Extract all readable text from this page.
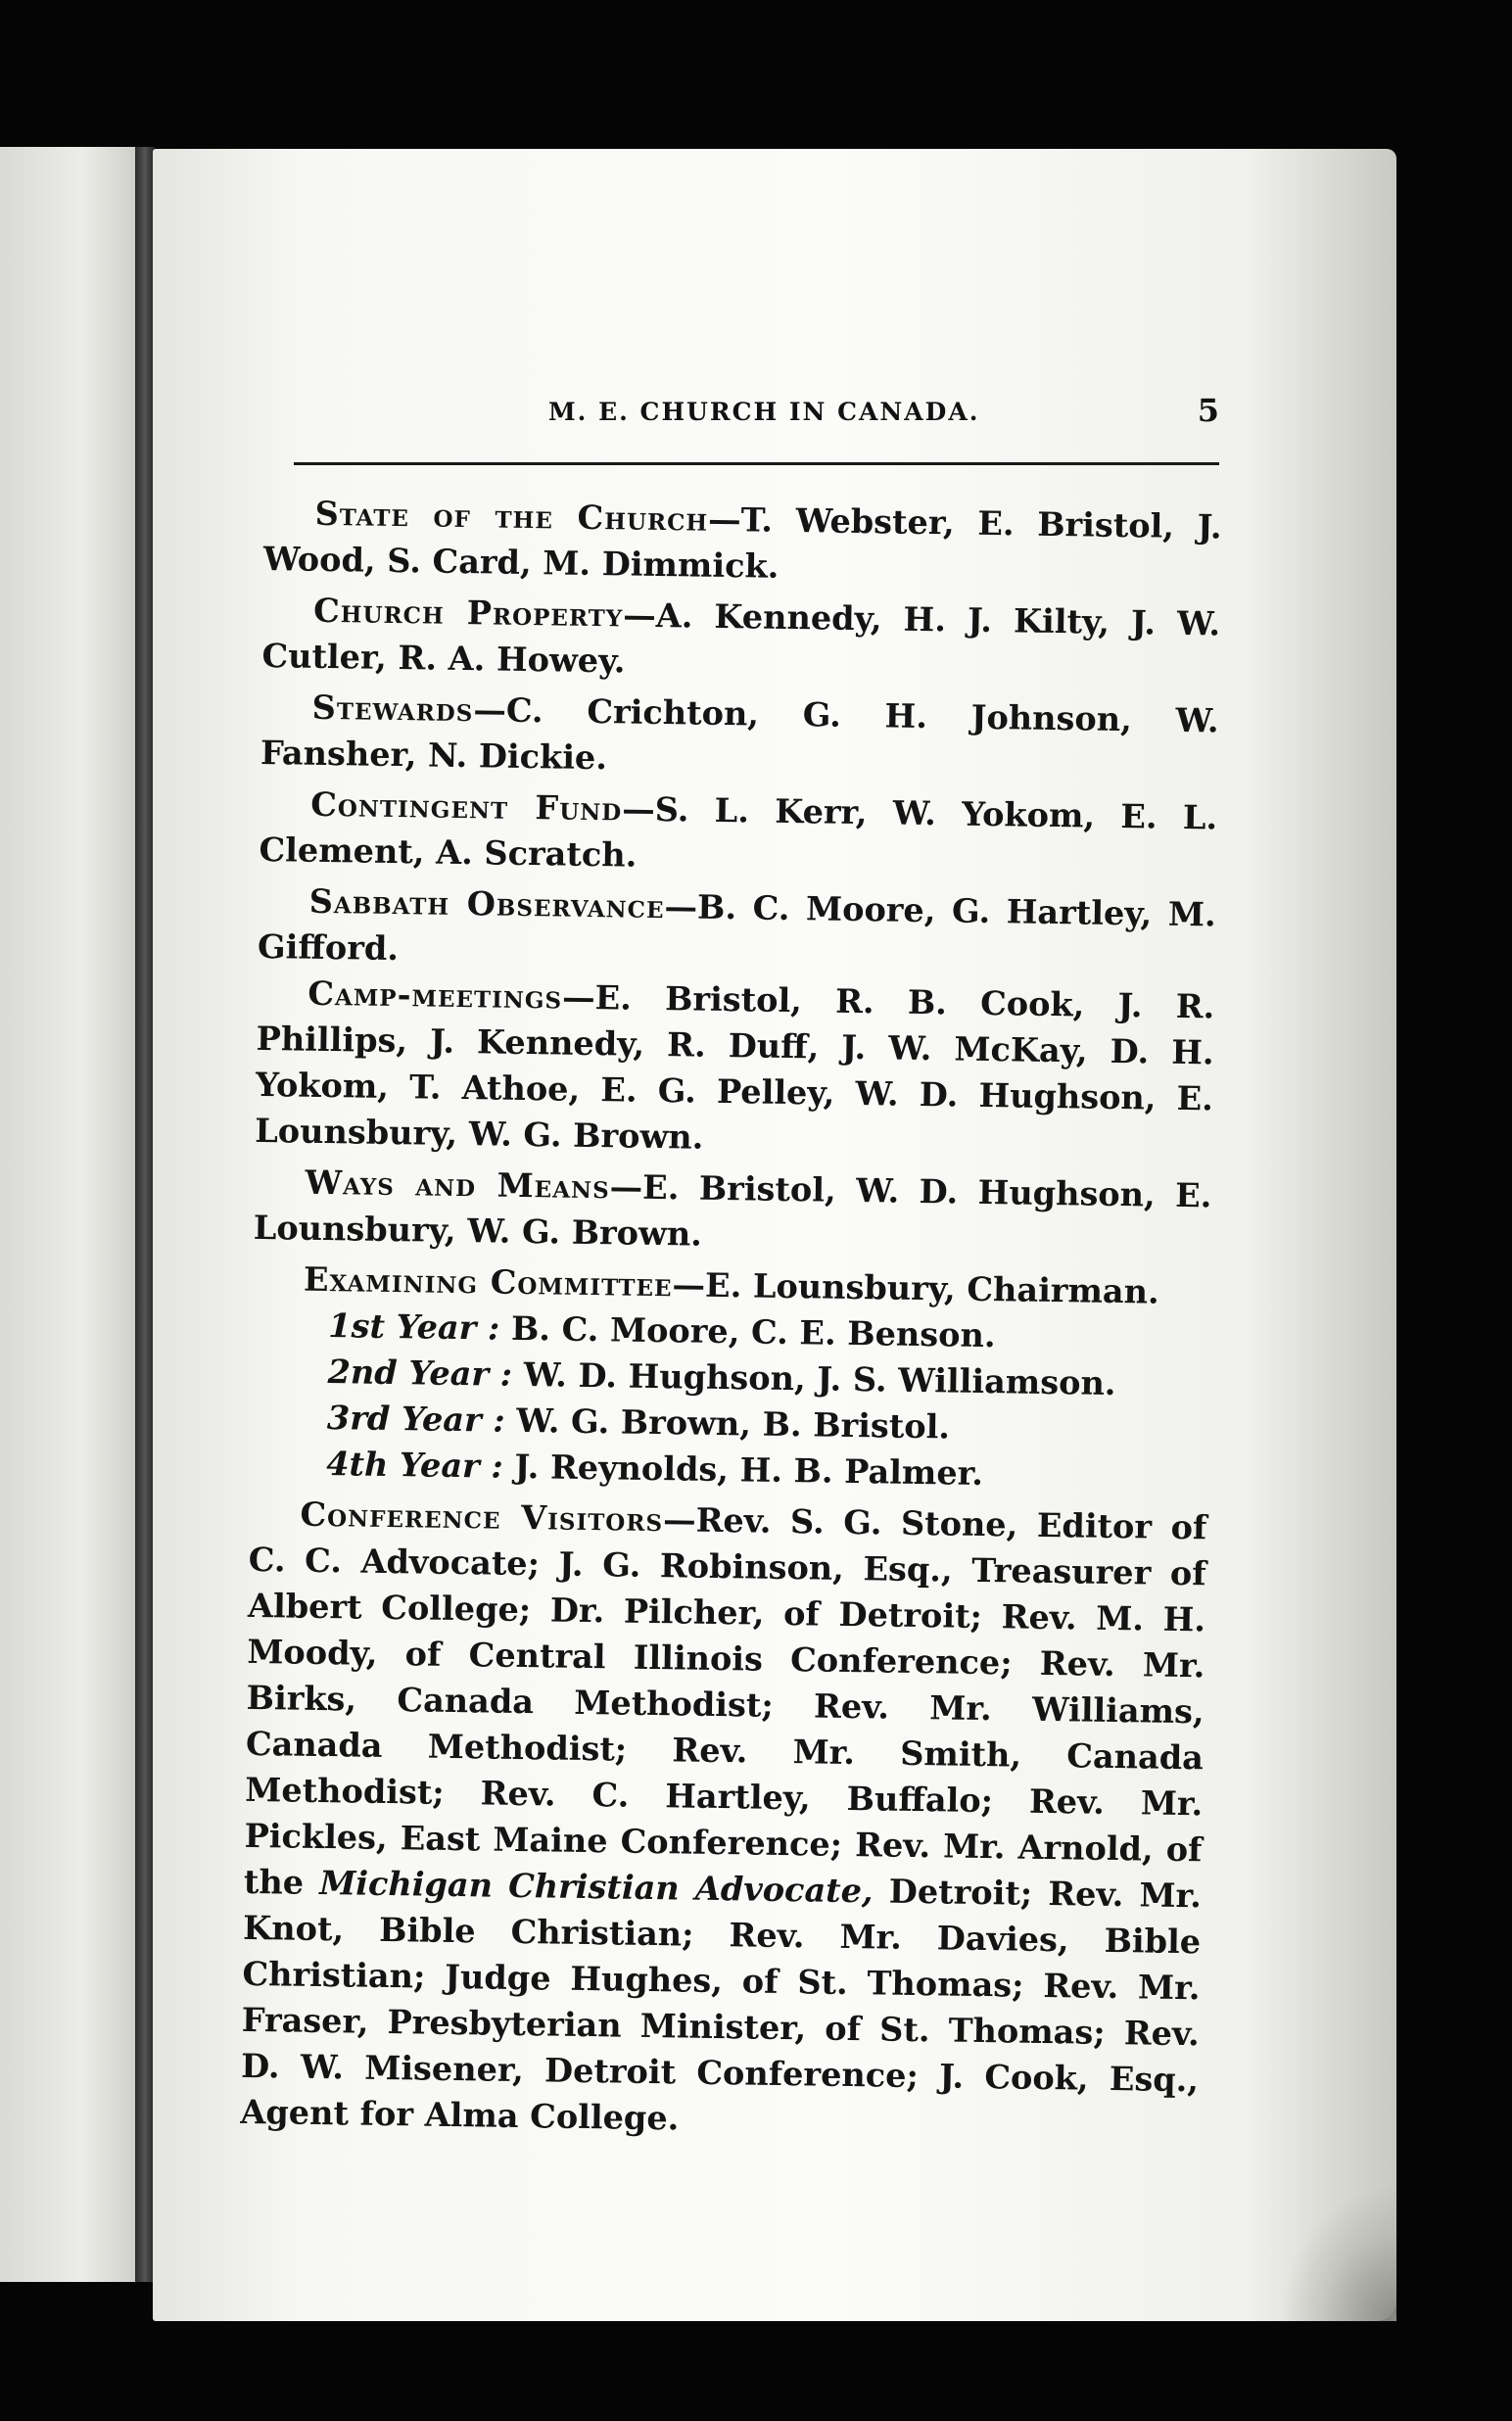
M. E. CHURCH IN CANADA.	5

State of the Church—T. Webster, E. Bristol, J. Wood, S. Card, M. Dimmick.

Church Property—A. Kennedy, H. J. Kilty, J. W. Cutler, R. A. Howey.

Stewards—C. Crichton, G. H. Johnson, W. Fansher, N. Dickie.

Contingent Fund—S. L. Kerr, W. Yokom, E. L. Clement, A. Scratch.

Sabbath Observance—B. C. Moore, G. Hartley, M. Gifford.

Camp-meetings—E. Bristol, R. B. Cook, J. R. Phillips, J. Kennedy, R. Duff, J. W. McKay, D. H. Yokom, T. Athoe, E. G. Pelley, W. D. Hughson, E. Lounsbury, W. G. Brown.

Ways and Means—E. Bristol, W. D. Hughson, E. Lounsbury, W. G. Brown.

Examining Committee—E. Lounsbury, Chairman.

1st Year : B. C. Moore, C. E. Benson.

2nd Year : W. D. Hughson, J. S. Williamson.

3rd Year : W. G. Brown, B. Bristol.

4th Year : J. Reynolds, H. B. Palmer.

Conference Visitors—Rev. S. G. Stone, Editor of C. C. Advocate; J. G. Robinson, Esq., Treasurer of Albert College; Dr. Pilcher, of Detroit; Rev. M. H. Moody, of Central Illinois Conference; Rev. Mr. Birks, Canada Methodist; Rev. Mr. Williams, Canada Methodist; Rev. Mr. Smith, Canada Methodist; Rev. C. Hartley, Buffalo; Rev. Mr. Pickles, East Maine Conference; Rev. Mr. Arnold, of the Michigan Christian Advocate, Detroit; Rev. Mr. Knot, Bible Christian; Rev. Mr. Davies, Bible Christian; Judge Hughes, of St. Thomas; Rev. Mr. Fraser, Presbyterian Minister, of St. Thomas; Rev. D. W. Misener, Detroit Conference; J. Cook, Esq., Agent for Alma College.
